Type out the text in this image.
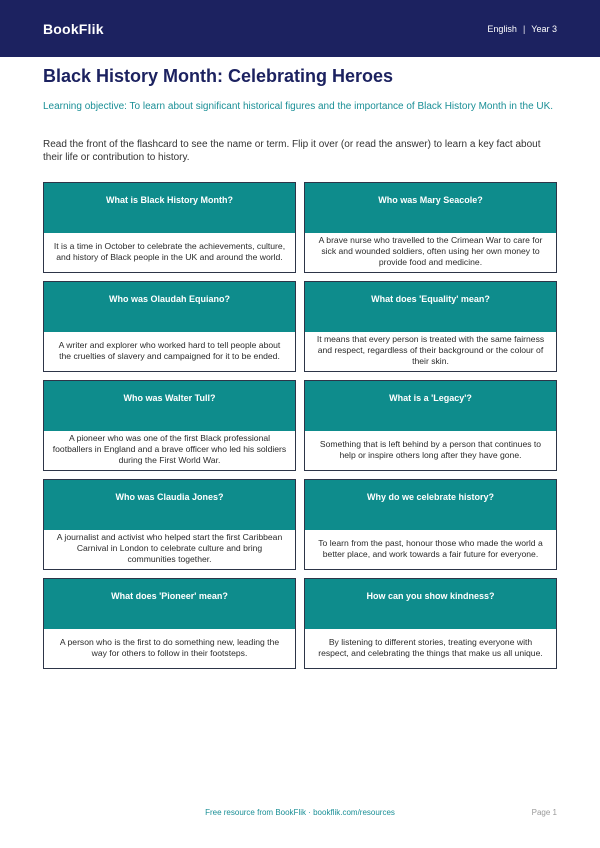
BookFlik	English | Year 3
Black History Month: Celebrating Heroes

Learning objective: To learn about significant historical figures and the importance of Black History Month in the UK.

Read the front of the flashcard to see the name or term. Flip it over (or read the answer) to learn a key fact about their life or contribution to history.

What is Black History Month?
It is a time in October to celebrate the achievements, culture, and history of Black people in the UK and around the world.
Who was Mary Seacole?
A brave nurse who travelled to the Crimean War to care for sick and wounded soldiers, often using her own money to provide food and medicine.
Who was Olaudah Equiano?
A writer and explorer who worked hard to tell people about the cruelties of slavery and campaigned for it to be ended.
What does 'Equality' mean?
It means that every person is treated with the same fairness and respect, regardless of their background or the colour of their skin.
Who was Walter Tull?
A pioneer who was one of the first Black professional footballers in England and a brave officer who led his soldiers during the First World War.
What is a 'Legacy'?
Something that is left behind by a person that continues to help or inspire others long after they have gone.
Who was Claudia Jones?
A journalist and activist who helped start the first Caribbean Carnival in London to celebrate culture and bring communities together.
Why do we celebrate history?
To learn from the past, honour those who made the world a better place, and work towards a fair future for everyone.
What does 'Pioneer' mean?
A person who is the first to do something new, leading the way for others to follow in their footsteps.
How can you show kindness?
By listening to different stories, treating everyone with respect, and celebrating the things that make us all unique.
Free resource from BookFlik · bookflik.com/resources	Page 1
